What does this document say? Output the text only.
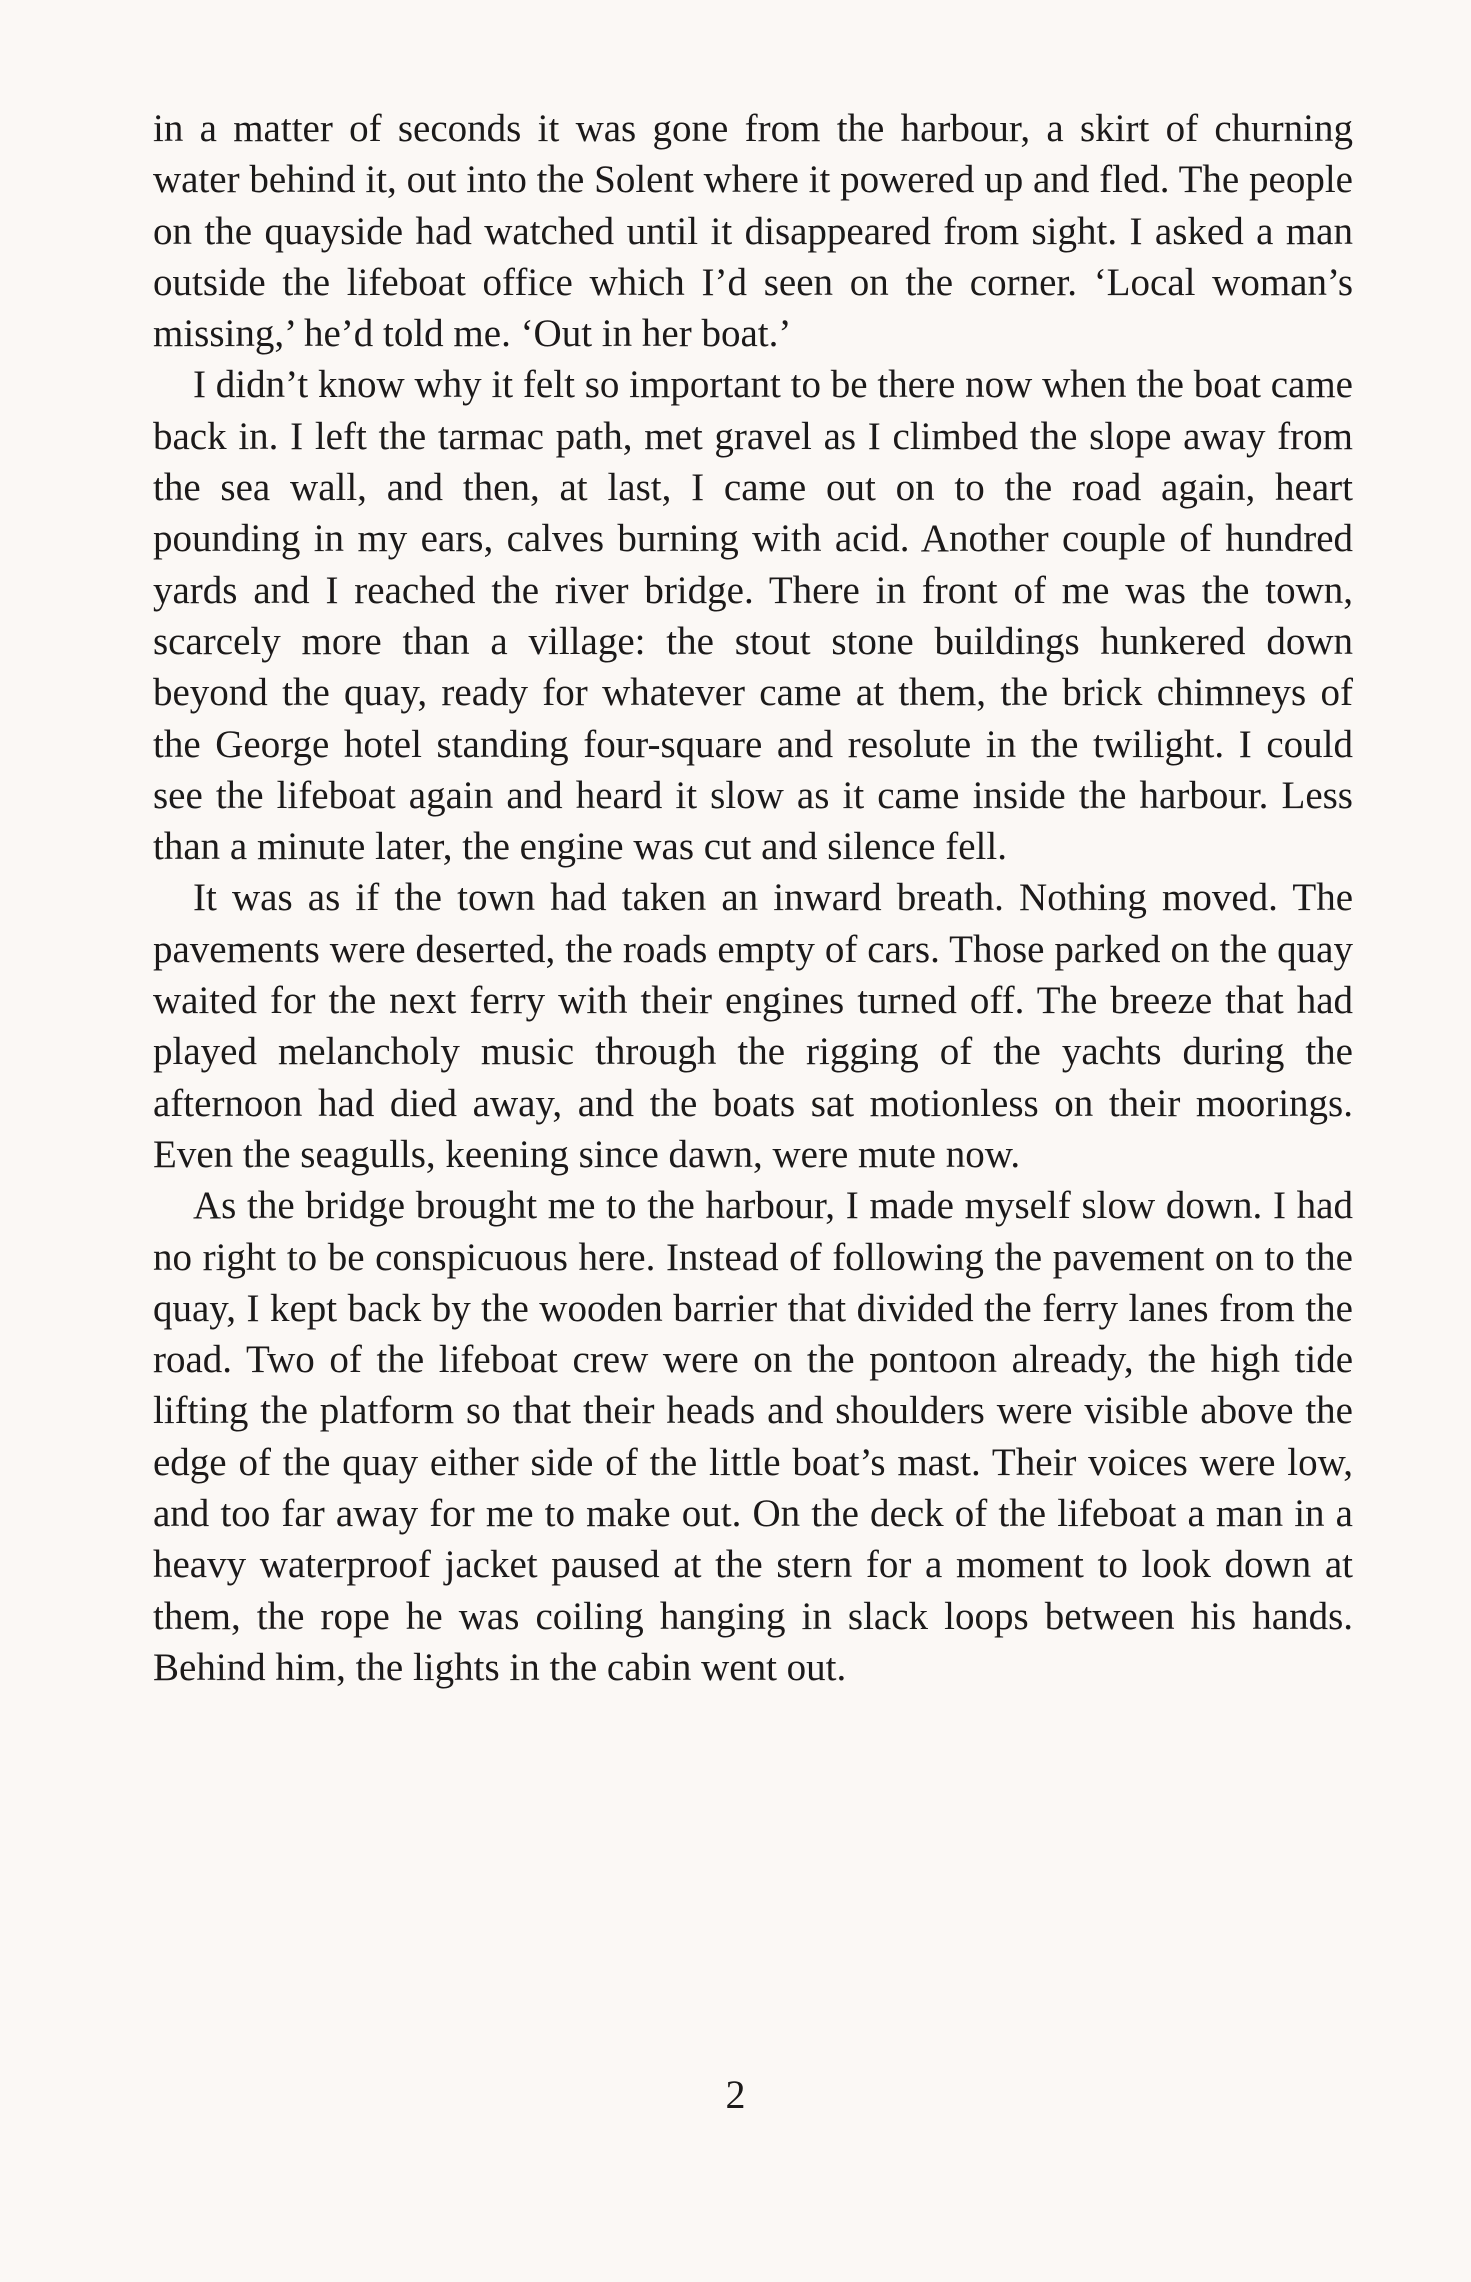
in a matter of seconds it was gone from the harbour, a skirt of churning water behind it, out into the Solent where it powered up and fled. The people on the quayside had watched until it disappeared from sight. I asked a man outside the lifeboat office which I’d seen on the corner. ‘Local woman’s missing,’ he’d told me. ‘Out in her boat.’

I didn’t know why it felt so important to be there now when the boat came back in. I left the tarmac path, met gravel as I climbed the slope away from the sea wall, and then, at last, I came out on to the road again, heart pounding in my ears, calves burning with acid. Another couple of hundred yards and I reached the river bridge. There in front of me was the town, scarcely more than a village: the stout stone buildings hunkered down beyond the quay, ready for whatever came at them, the brick chimneys of the George hotel standing four-square and resolute in the twilight. I could see the lifeboat again and heard it slow as it came inside the harbour. Less than a minute later, the engine was cut and silence fell.

It was as if the town had taken an inward breath. Nothing moved. The pavements were deserted, the roads empty of cars. Those parked on the quay waited for the next ferry with their engines turned off. The breeze that had played melancholy music through the rigging of the yachts during the afternoon had died away, and the boats sat motionless on their moorings. Even the seagulls, keening since dawn, were mute now.

As the bridge brought me to the harbour, I made myself slow down. I had no right to be conspicuous here. Instead of following the pavement on to the quay, I kept back by the wooden barrier that divided the ferry lanes from the road. Two of the lifeboat crew were on the pontoon already, the high tide lifting the platform so that their heads and shoulders were visible above the edge of the quay either side of the little boat’s mast. Their voices were low, and too far away for me to make out. On the deck of the lifeboat a man in a heavy waterproof jacket paused at the stern for a moment to look down at them, the rope he was coiling hanging in slack loops between his hands. Behind him, the lights in the cabin went out.

2
